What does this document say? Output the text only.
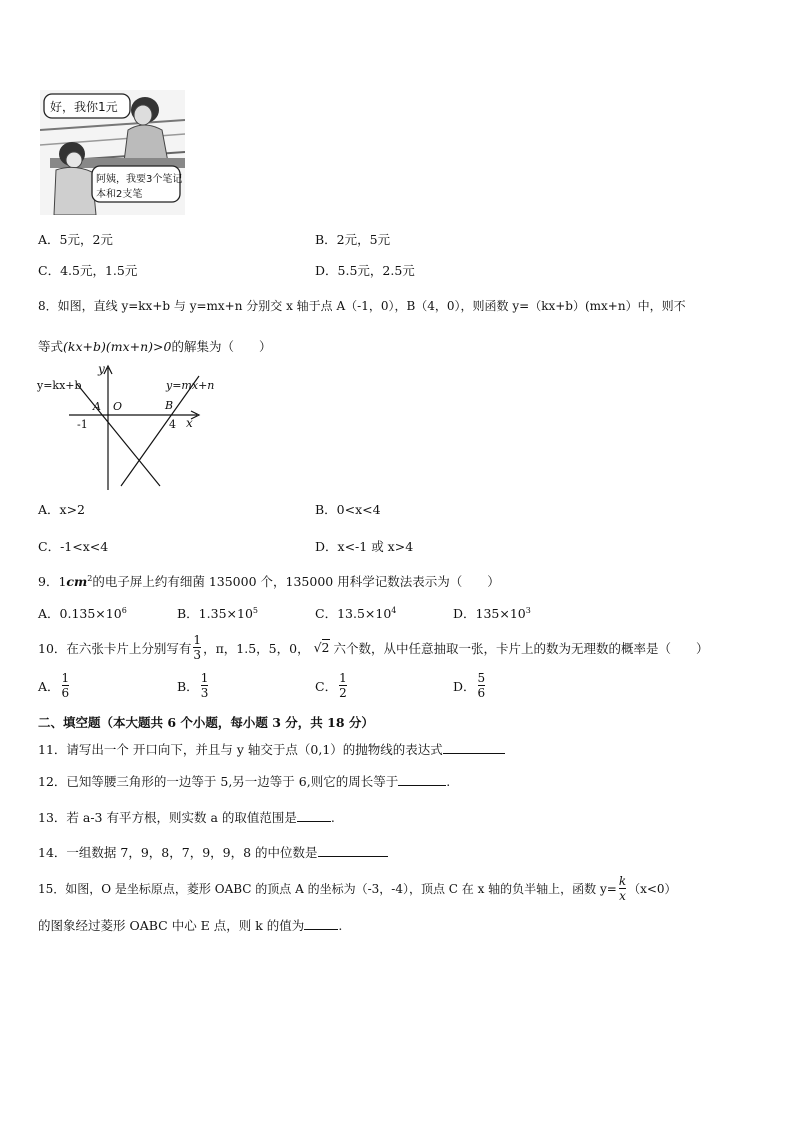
好，我你1元
阿姨，我要3个笔记
本和2支笔
A．5元，2元	B．2元，5元
C．4.5元，1.5元	D．5.5元，2.5元
8．如图，直线 y=kx+b 与 y=mx+n 分别交 x 轴于点 A（-1，0），B（4，0），则函数 y=（kx+b）(mx+n）中，则不
等式(kx+b)(mx+n)>0的解集为（　　）
y=kx+b	y=mx+n
y
x
A O	B
-1	4
A．x>2	B．0<x<4
C．-1<x<4	D．x<-1 或 x>4
9．$1cm^2$的电子屏上约有细菌 135000 个，135000 用科学记数法表示为（　　）
A．$0.135\times 10^6$	B．$1.35\times 10^5$	C．$13.5\times 10^4$	D．$135\times 10^3$
10．在六张卡片上分别写有 $\frac{1}{3}$ ，π，1.5，5，0， √2 六个数，从中任意抽取一张，卡片上的数为无理数的概率是（　　）
A． $\frac{1}{6}$	B． $\frac{1}{3}$	C． $\frac{1}{2}$	D． $\frac{5}{6}$
二、填空题（本大题共 6 个小题，每小题 3 分，共 18 分）
11．请写出一个 开口向下，并且与 y 轴交于点（0,1）的抛物线的表达式
12．已知等腰三角形的一边等于 5,另一边等于 6,则它的周长等于	.
13．若 a-3 有平方根，则实数 a 的取值范围是	.
14．一组数据 7，9，8，7，9，9，8 的中位数是
15．如图，O 是坐标原点，菱形 OABC 的顶点 A 的坐标为（-3，-4），顶点 C 在 x 轴的负半轴上，函数 $y= \frac{k}{x} (x<0)$
的图象经过菱形 OABC 中心 E 点，则 k 的值为	.
